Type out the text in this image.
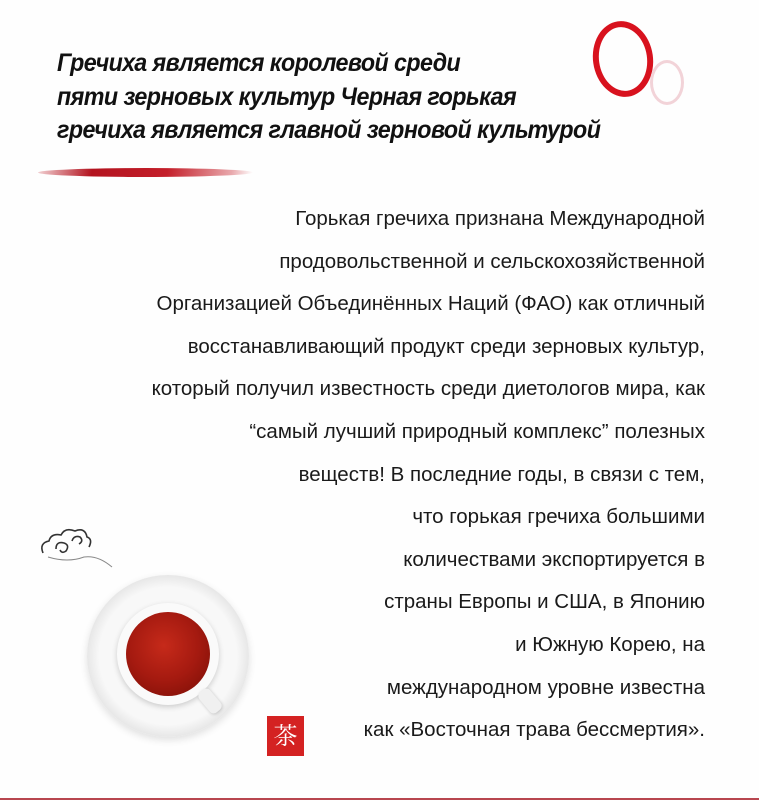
Гречиха является королевой среди
пяти зерновых культур Черная горькая
гречиха является главной зерновой культурой
Горькая гречиха признана Международной
продовольственной и сельскохозяйственной
Организацией Объединённых Наций (ФАО) как отличный
восстанавливающий продукт среди зерновых культур,
который получил известность среди диетологов мира, как
“самый лучший природный комплекс” полезных
веществ! В последние годы, в связи с тем,
что горькая гречиха большими
количествами экспортируется в
страны Европы и США, в Японию
и Южную Корею, на
международном уровне известна
как «Восточная трава бессмертия».
茶
